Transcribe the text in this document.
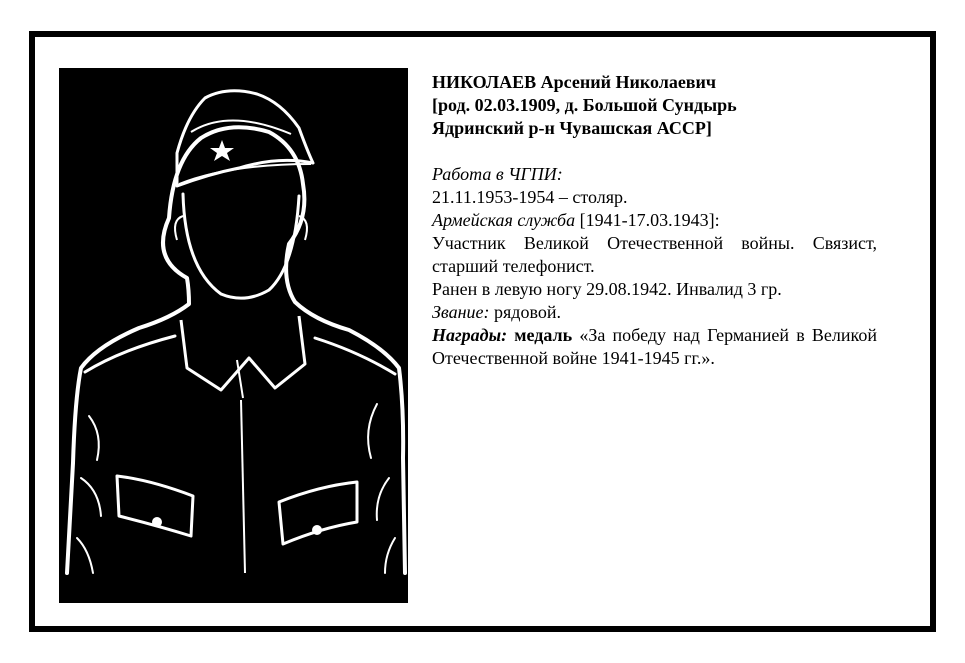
НИКОЛАЕВ Арсений Николаевич
[род. 02.03.1909, д. Большой Сундырь
Ядринский р-н Чувашская АССР]
Работа в ЧГПИ:
21.11.1953-1954 – столяр.
Армейская служба [1941-17.03.1943]:
Участник Великой Отечественной войны. Связист, старший телефонист.
Ранен в левую ногу 29.08.1942. Инвалид 3 гр.
Звание: рядовой.
Награды: медаль «За победу над Германией в Великой Отечественной войне 1941-1945 гг.».
